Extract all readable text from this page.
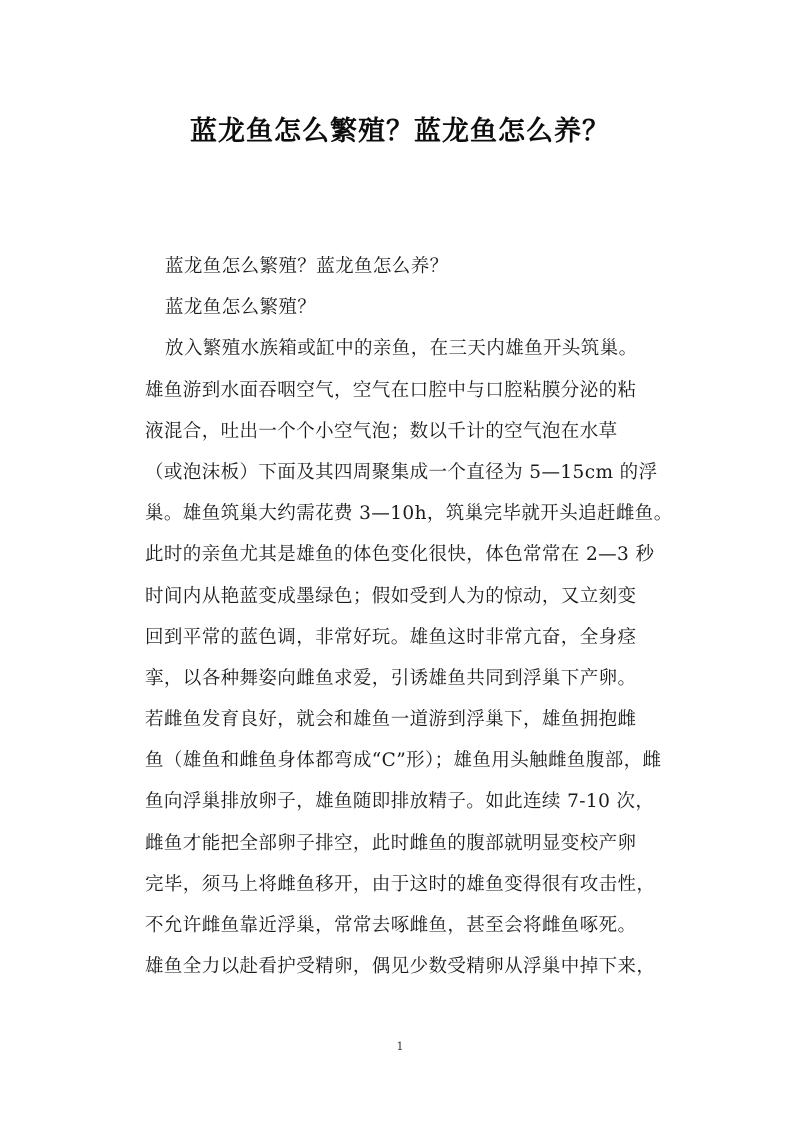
蓝龙鱼怎么繁殖？蓝龙鱼怎么养？
蓝龙鱼怎么繁殖？蓝龙鱼怎么养？
蓝龙鱼怎么繁殖？
放入繁殖水族箱或缸中的亲鱼，在三天内雄鱼开头筑巢。
雄鱼游到水面吞咽空气，空气在口腔中与口腔粘膜分泌的粘
液混合，吐出一个个小空气泡；数以千计的空气泡在水草
（或泡沫板）下面及其四周聚集成一个直径为 5—15cm 的浮
巢。雄鱼筑巢大约需花费 3—10h，筑巢完毕就开头追赶雌鱼。
此时的亲鱼尤其是雄鱼的体色变化很快，体色常常在 2—3 秒
时间内从艳蓝变成墨绿色；假如受到人为的惊动，又立刻变
回到平常的蓝色调，非常好玩。雄鱼这时非常亢奋，全身痉
挛，以各种舞姿向雌鱼求爱，引诱雄鱼共同到浮巢下产卵。
若雌鱼发育良好，就会和雄鱼一道游到浮巢下，雄鱼拥抱雌
鱼（雄鱼和雌鱼身体都弯成“C”形）；雄鱼用头触雌鱼腹部，雌
鱼向浮巢排放卵子，雄鱼随即排放精子。如此连续 7-10 次，
雌鱼才能把全部卵子排空，此时雌鱼的腹部就明显变校产卵
完毕，须马上将雌鱼移开，由于这时的雄鱼变得很有攻击性，
不允许雌鱼靠近浮巢，常常去啄雌鱼，甚至会将雌鱼啄死。
雄鱼全力以赴看护受精卵，偶见少数受精卵从浮巢中掉下来，
1
